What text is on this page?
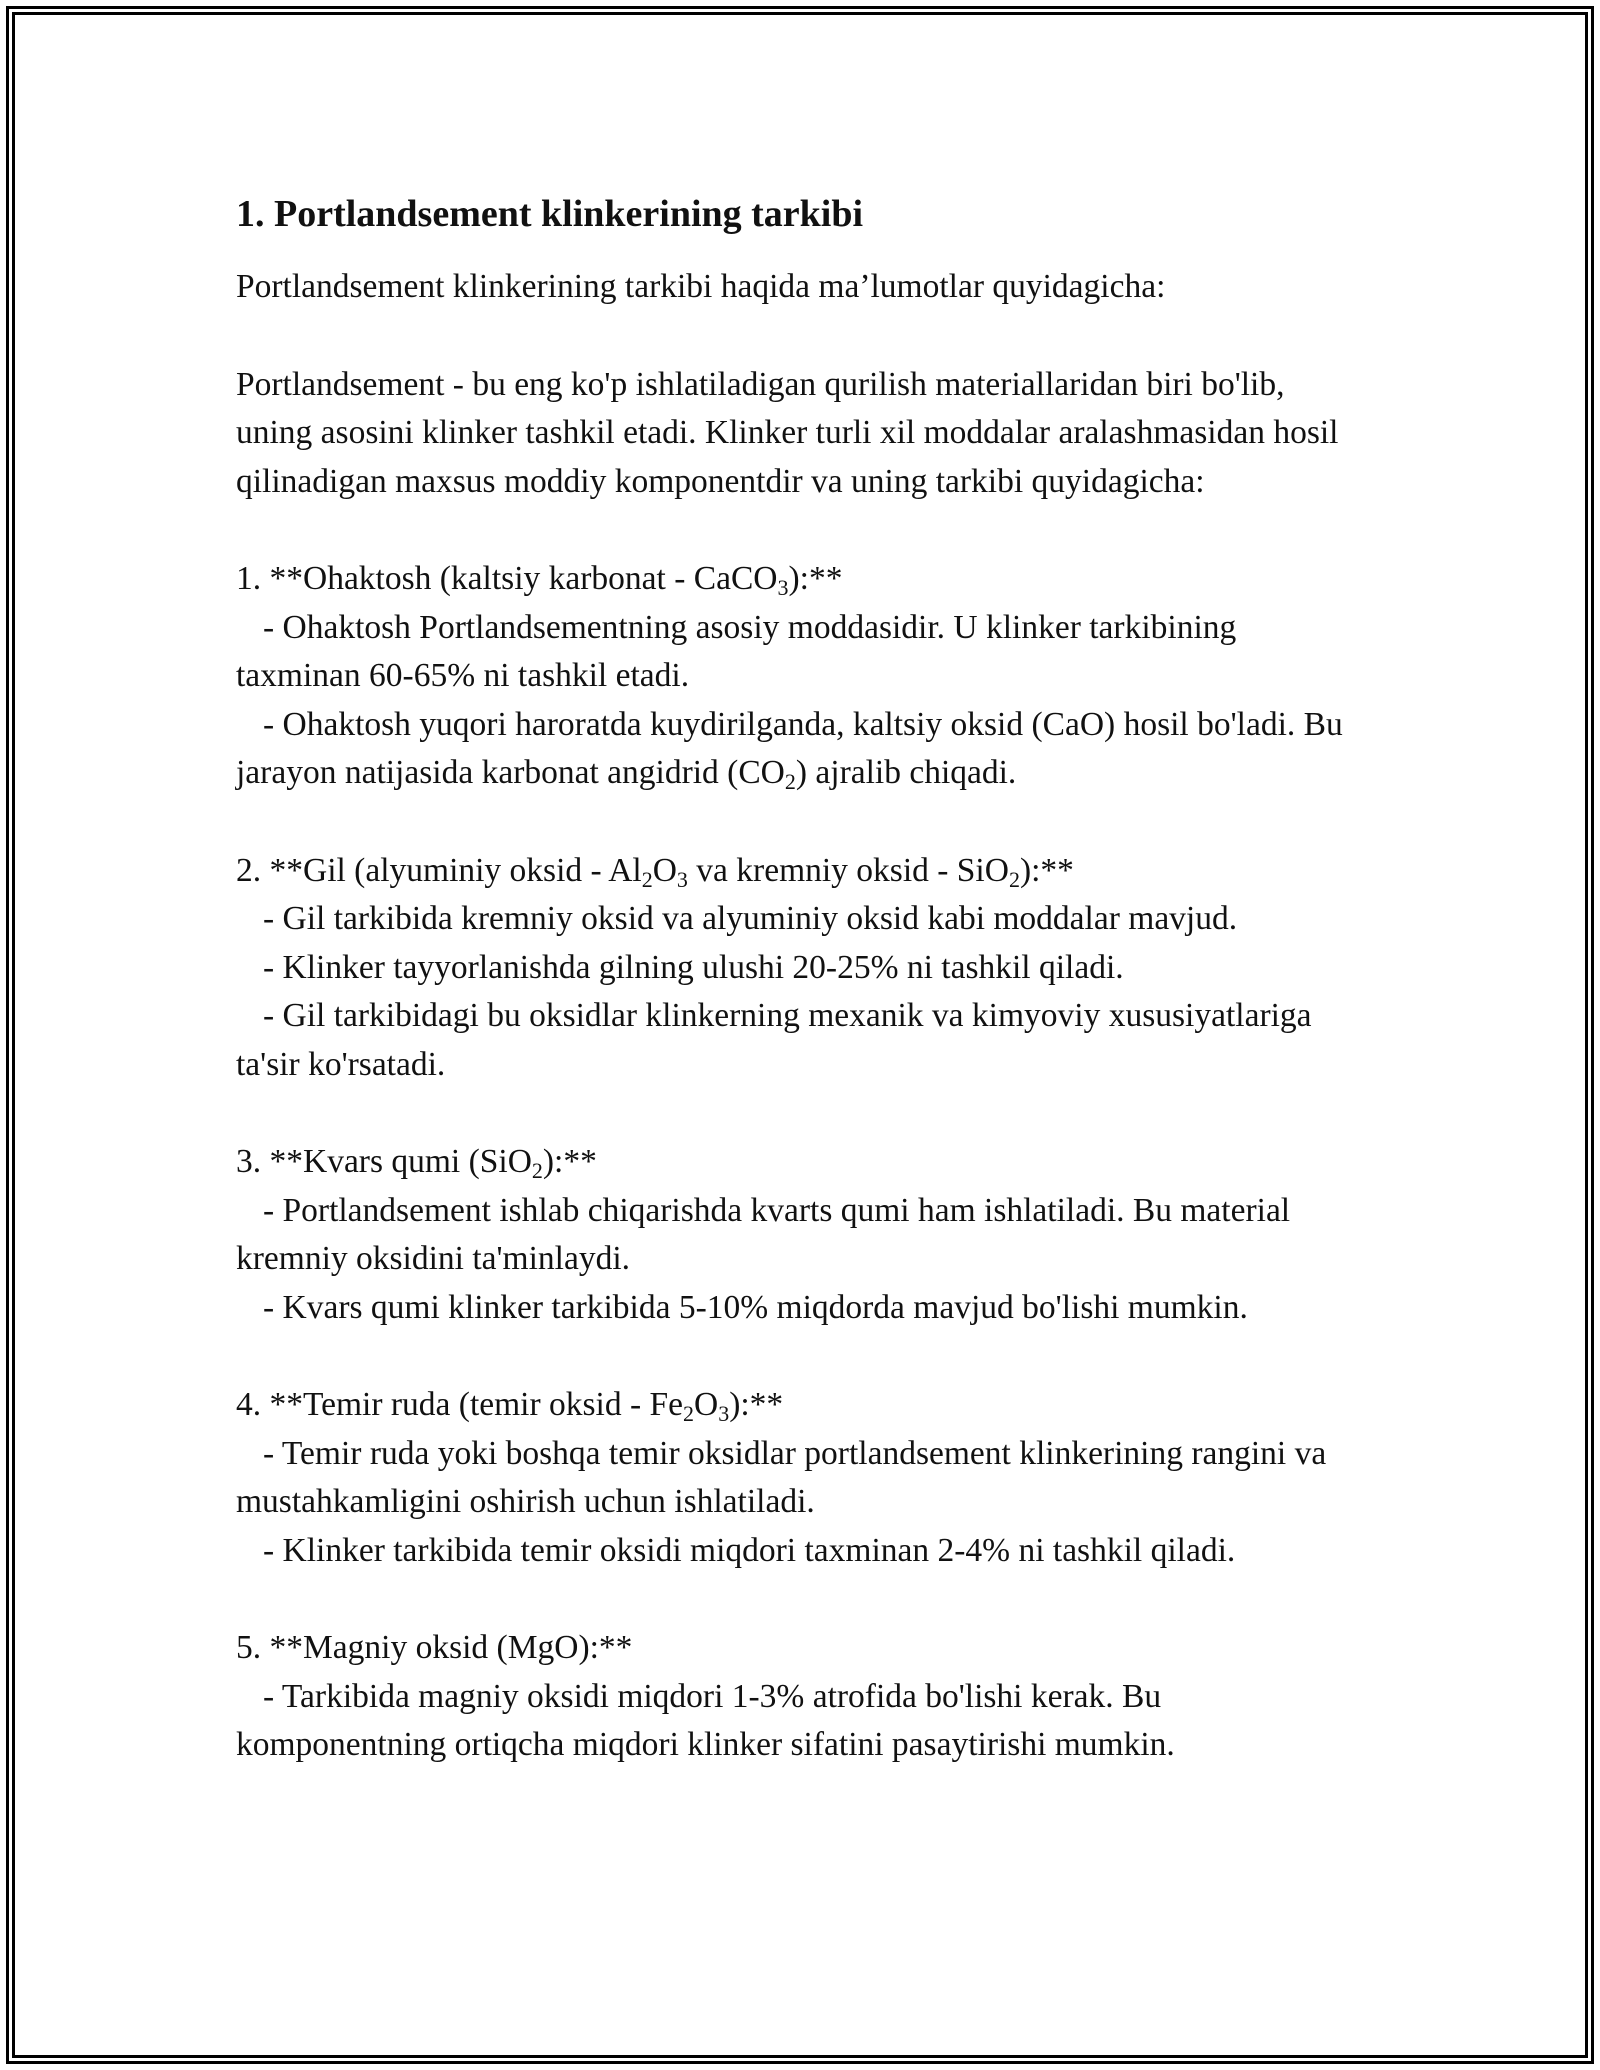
1. Portlandsement klinkerining tarkibi

Portlandsement klinkerining tarkibi haqida ma’lumotlar quyidagicha:

Portlandsement - bu eng ko'p ishlatiladigan qurilish materiallaridan biri bo'lib, uning asosini klinker tashkil etadi. Klinker turli xil moddalar aralashmasidan hosil qilinadigan maxsus moddiy komponentdir va uning tarkibi quyidagicha:

1. **Ohaktosh (kaltsiy karbonat - CaCO$_3$):**

- Ohaktosh Portlandsementning asosiy moddasidir. U klinker tarkibining taxminan 60-65% ni tashkil etadi.

- Ohaktosh yuqori haroratda kuydirilganda, kaltsiy oksid (CaO) hosil bo'ladi. Bu jarayon natijasida karbonat angidrid $(CO_2)$ ajralib chiqadi.

2. **Gil (alyuminiy oksid - $Al_2O_3$ va kremniy oksid - SiO$_2$):**

- Gil tarkibida kremniy oksid va alyuminiy oksid kabi moddalar mavjud.

- Klinker tayyorlanishda gilning ulushi 20-25% ni tashkil qiladi.

- Gil tarkibidagi bu oksidlar klinkerning mexanik va kimyoviy xususiyatlariga ta'sir ko'rsatadi.

3. **Kvars qumi (SiO$_2$):**

- Portlandsement ishlab chiqarishda kvarts qumi ham ishlatiladi. Bu material kremniy oksidini ta'minlaydi.

- Kvars qumi klinker tarkibida 5-10% miqdorda mavjud bo'lishi mumkin.

4. **Temir ruda (temir oksid - $Fe_2O_3):**$

- Temir ruda yoki boshqa temir oksidlar portlandsement klinkerining rangini va mustahkamligini oshirish uchun ishlatiladi.

- Klinker tarkibida temir oksidi miqdori taxminan 2-4% ni tashkil qiladi.

5. **Magniy oksid (MgO):**

- Tarkibida magniy oksidi miqdori 1-3% atrofida bo'lishi kerak. Bu komponentning ortiqcha miqdori klinker sifatini pasaytirishi mumkin.
